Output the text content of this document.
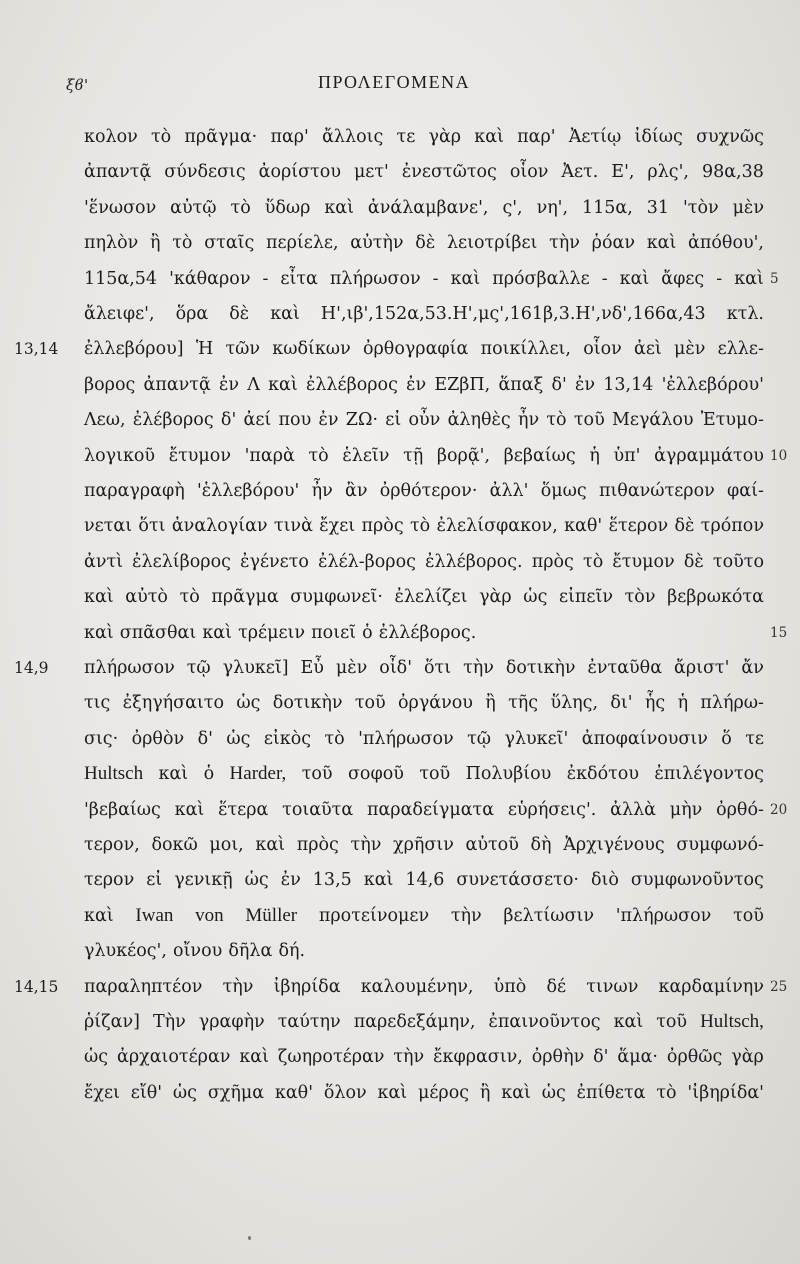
ξϐ'	ΠΡΟΛΕΓΟΜΕΝΑ
κολον τὸ πρᾶγμα· παρ' ἄλλοις τε γὰρ καὶ παρ' Ἀετίῳ ἰδίως συχνῶς
ἀπαντᾷ σύνδεσις ἀορίστου μετ' ἐνεστῶτος οἷον Ἀετ. Ε', ρλς', 98α,38
'ἕνωσον αὐτῷ τὸ ὕδωρ καὶ ἀνάλαμβανε', ς', νη', 115α, 31 'τὸν μὲν
πηλὸν ἢ τὸ σταῖς περίελε, αὐτὴν δὲ λειοτρίβει τὴν ῥόαν καὶ ἀπόθου',
115α,54 'κάθαρον - εἶτα πλήρωσον - καὶ πρόσβαλλε - καὶ ἄφες - καὶ
ἄλειφε', ὅρα δὲ καὶ Η',ιβ',152α,53.Η',μς',161β,3.Η',νδ',166α,43 κτλ.
ἐλλεβόρου] Ἡ τῶν κωδίκων ὀρθογραφία ποικίλλει, οἷον ἀεὶ μὲν ελλε-
βορος ἀπαντᾷ ἐν Λ καὶ ἐλλέβορος ἐν ΕΖβΠ, ἅπαξ δ' ἐν 13,14 'ἐλλεβόρου'
Λεω, ἐλέβορος δ' ἀεί που ἐν ΖΩ· εἰ οὖν ἀληθὲς ἦν τὸ τοῦ Μεγάλου Ἐτυμο-
λογικοῦ ἔτυμον 'παρὰ τὸ ἑλεῖν τῇ βορᾷ', βεβαίως ἡ ὑπ' ἀγραμμάτου
παραγραφὴ 'ἑλλεβόρου' ἦν ἂν ὀρθότερον· ἀλλ' ὅμως πιθανώτερον φαί-
νεται ὅτι ἀναλογίαν τινὰ ἔχει πρὸς τὸ ἐλελίσφακον, καθ' ἕτερον δὲ τρόπον
ἀντὶ ἐλελίβορος ἐγένετο ἐλέλ-βορος ἐλλέβορος. πρὸς τὸ ἔτυμον δὲ τοῦτο
καὶ αὐτὸ τὸ πρᾶγμα συμφωνεῖ· ἐλελίζει γὰρ ὡς εἰπεῖν τὸν βεβρωκότα
καὶ σπᾶσθαι καὶ τρέμειν ποιεῖ ὁ ἐλλέβορος.
πλήρωσον τῷ γλυκεῖ] Εὖ μὲν οἶδ' ὅτι τὴν δοτικὴν ἐνταῦθα ἄριστ' ἄν
τις ἐξηγήσαιτο ὡς δοτικὴν τοῦ ὀργάνου ἢ τῆς ὕλης, δι' ἧς ἡ πλήρω-
σις· ὀρθὸν δ' ὡς εἰκὸς τὸ 'πλήρωσον τῷ γλυκεῖ' ἀποφαίνουσιν ὅ τε
Hultsch καὶ ὁ Harder, τοῦ σοφοῦ τοῦ Πολυβίου ἐκδότου ἐπιλέγοντος
'βεβαίως καὶ ἕτερα τοιαῦτα παραδείγματα εὑρήσεις'. ἀλλὰ μὴν ὀρθό-
τερον, δοκῶ μοι, καὶ πρὸς τὴν χρῆσιν αὐτοῦ δὴ Ἀρχιγένους συμφωνό-
τερον εἰ γενικῇ ὡς ἐν 13,5 καὶ 14,6 συνετάσσετο· διὸ συμφωνοῦντος
καὶ Iwan von Müller προτείνομεν τὴν βελτίωσιν 'πλήρωσον τοῦ
γλυκέος', οἴνου δῆλα δή.
παραληπτέον τὴν ἰβηρίδα καλουμένην, ὑπὸ δέ τινων καρδαμίνην
ῥίζαν] Τὴν γραφὴν ταύτην παρεδεξάμην, ἐπαινοῦντος καὶ τοῦ Hultsch,
ὡς ἀρχαιοτέραν καὶ ζωηροτέραν τὴν ἔκφρασιν, ὀρθὴν δ' ἅμα· ὀρθῶς γὰρ
ἔχει εἴθ' ὡς σχῆμα καθ' ὅλον καὶ μέρος ἢ καὶ ὡς ἐπίθετα τὸ 'ἰβηρίδα'
13,14
14,9
14,15
5
10
15
20
25
